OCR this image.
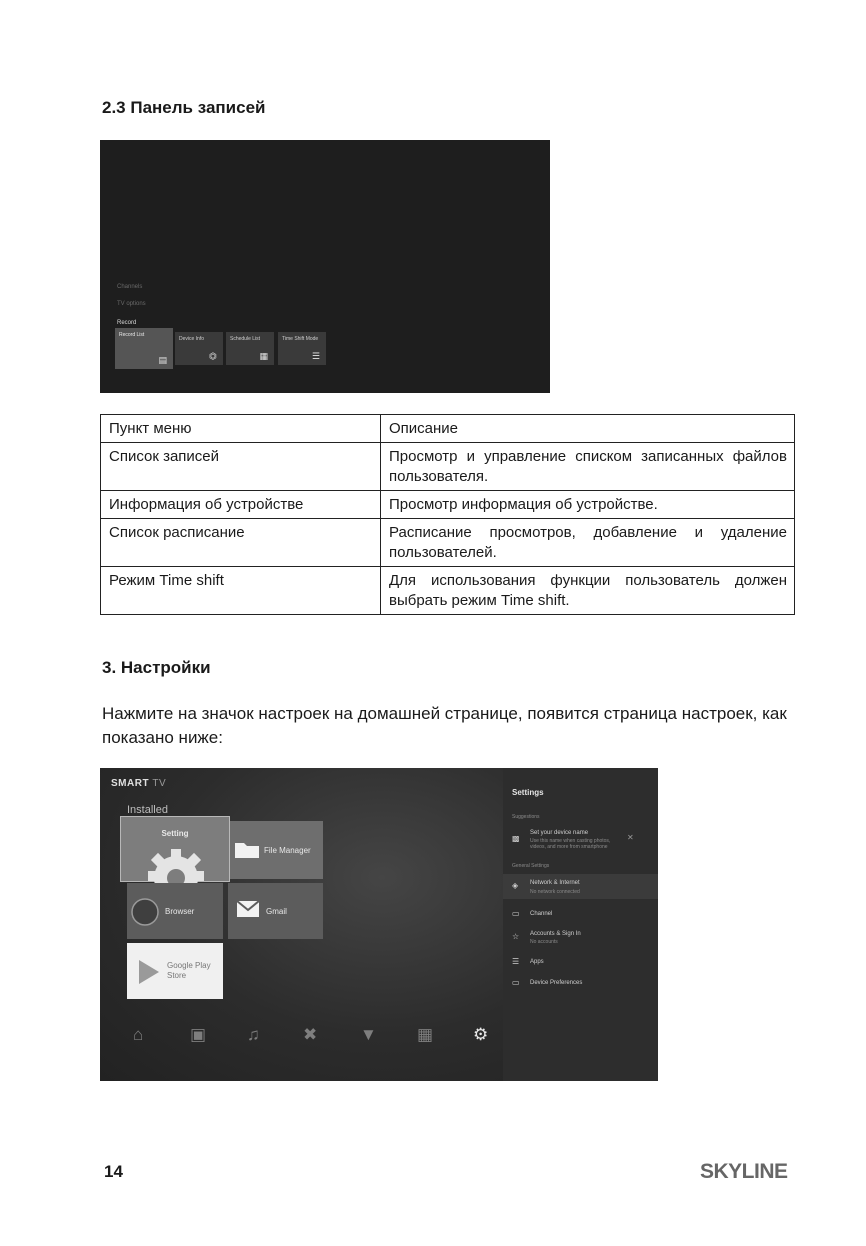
2.3 Панель записей
Channels
TV options
Record
Record List
▤
Device Info
⏣
Schedule List
▦
Time Shift Mode
☰
Пункт меню	Описание
Список записей	Просмотр и управление списком записанных файлов пользователя.
Информация об устройстве	Просмотр информация об устройстве.
Список расписание	Расписание просмотров, добавление и удаление пользователей.
Режим Time shift	Для использования функции пользователь должен выбрать режим Time shift.
3. Настройки
Нажмите на значок настроек на домашней странице, появится страница настроек, как показано ниже:
SMART TV
Installed
File Manager
Setting
Browser	Gmail
Google Play Store
⌂	▣ ♫	✖	▼ ▦ ⚙
Settings
Suggestions
▩
Set your device name
Use this name when casting photos, videos, and more from smartphone
✕
General Settings
◈ Network & Internet
No network connected
▭ Channel
☆ Accounts & Sign In
No accounts
☰ Apps
▭ Device Preferences
14	SKYLINE
